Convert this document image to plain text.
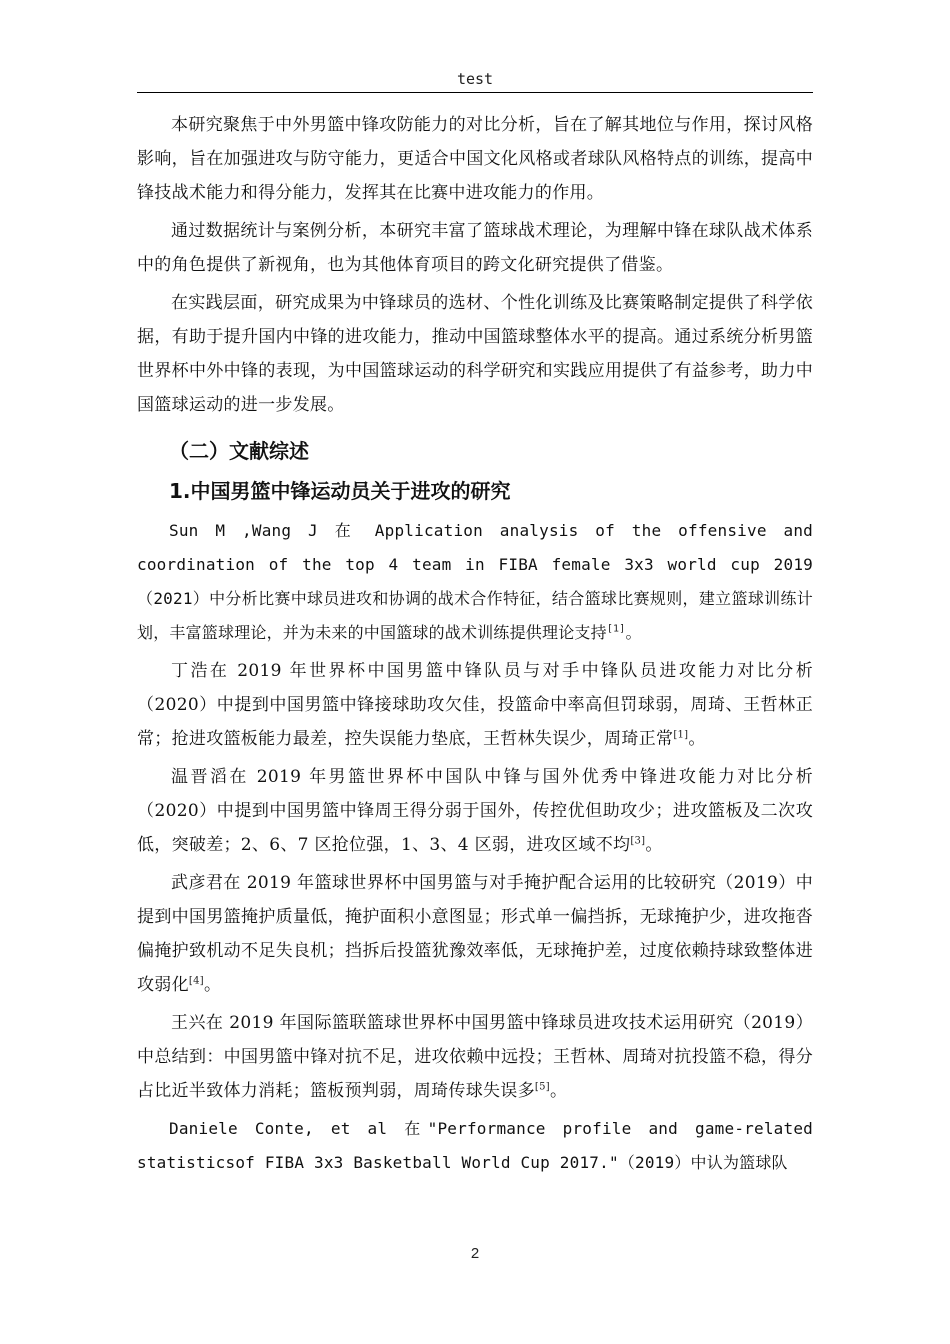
test

本研究聚焦于中外男篮中锋攻防能力的对比分析，旨在了解其地位与作用，探讨风格影响，旨在加强进攻与防守能力，更适合中国文化风格或者球队风格特点的训练，提高中锋技战术能力和得分能力，发挥其在比赛中进攻能力的作用。

通过数据统计与案例分析，本研究丰富了篮球战术理论，为理解中锋在球队战术体系中的角色提供了新视角，也为其他体育项目的跨文化研究提供了借鉴。

在实践层面，研究成果为中锋球员的选材、个性化训练及比赛策略制定提供了科学依据，有助于提升国内中锋的进攻能力，推动中国篮球整体水平的提高。通过系统分析男篮世界杯中外中锋的表现，为中国篮球运动的科学研究和实践应用提供了有益参考，助力中国篮球运动的进一步发展。

（二）文献综述
1.中国男篮中锋运动员关于进攻的研究

Sun M ,Wang J 在 Application analysis of the offensive and coordination of the top 4 team in FIBA female 3x3 world cup 2019（2021）中分析比赛中球员进攻和协调的战术合作特征，结合篮球比赛规则，建立篮球训练计划，丰富篮球理论，并为未来的中国篮球的战术训练提供理论支持[1]。

丁浩在 2019 年世界杯中国男篮中锋队员与对手中锋队员进攻能力对比分析（2020）中提到中国男篮中锋接球助攻欠佳，投篮命中率高但罚球弱，周琦、王哲林正常；抢进攻篮板能力最差，控失误能力垫底，王哲林失误少，周琦正常[1]。

温晋滔在 2019 年男篮世界杯中国队中锋与国外优秀中锋进攻能力对比分析（2020）中提到中国男篮中锋周王得分弱于国外，传控优但助攻少；进攻篮板及二次攻低，突破差；2、6、7 区抢位强，1、3、4 区弱，进攻区域不均[3]。

武彦君在 2019 年篮球世界杯中国男篮与对手掩护配合运用的比较研究（2019）中提到中国男篮掩护质量低，掩护面积小意图显；形式单一偏挡拆，无球掩护少，进攻拖沓偏掩护致机动不足失良机；挡拆后投篮犹豫效率低，无球掩护差，过度依赖持球致整体进攻弱化[4]。

王兴在 2019 年国际篮联篮球世界杯中国男篮中锋球员进攻技术运用研究（2019）中总结到：中国男篮中锋对抗不足，进攻依赖中远投；王哲林、周琦对抗投篮不稳，得分占比近半致体力消耗；篮板预判弱，周琦传球失误多[5]。

Daniele Conte, et al 在"Performance profile and game-related statisticsof FIBA 3x3 Basketball World Cup 2017."（2019）中认为篮球队

2
